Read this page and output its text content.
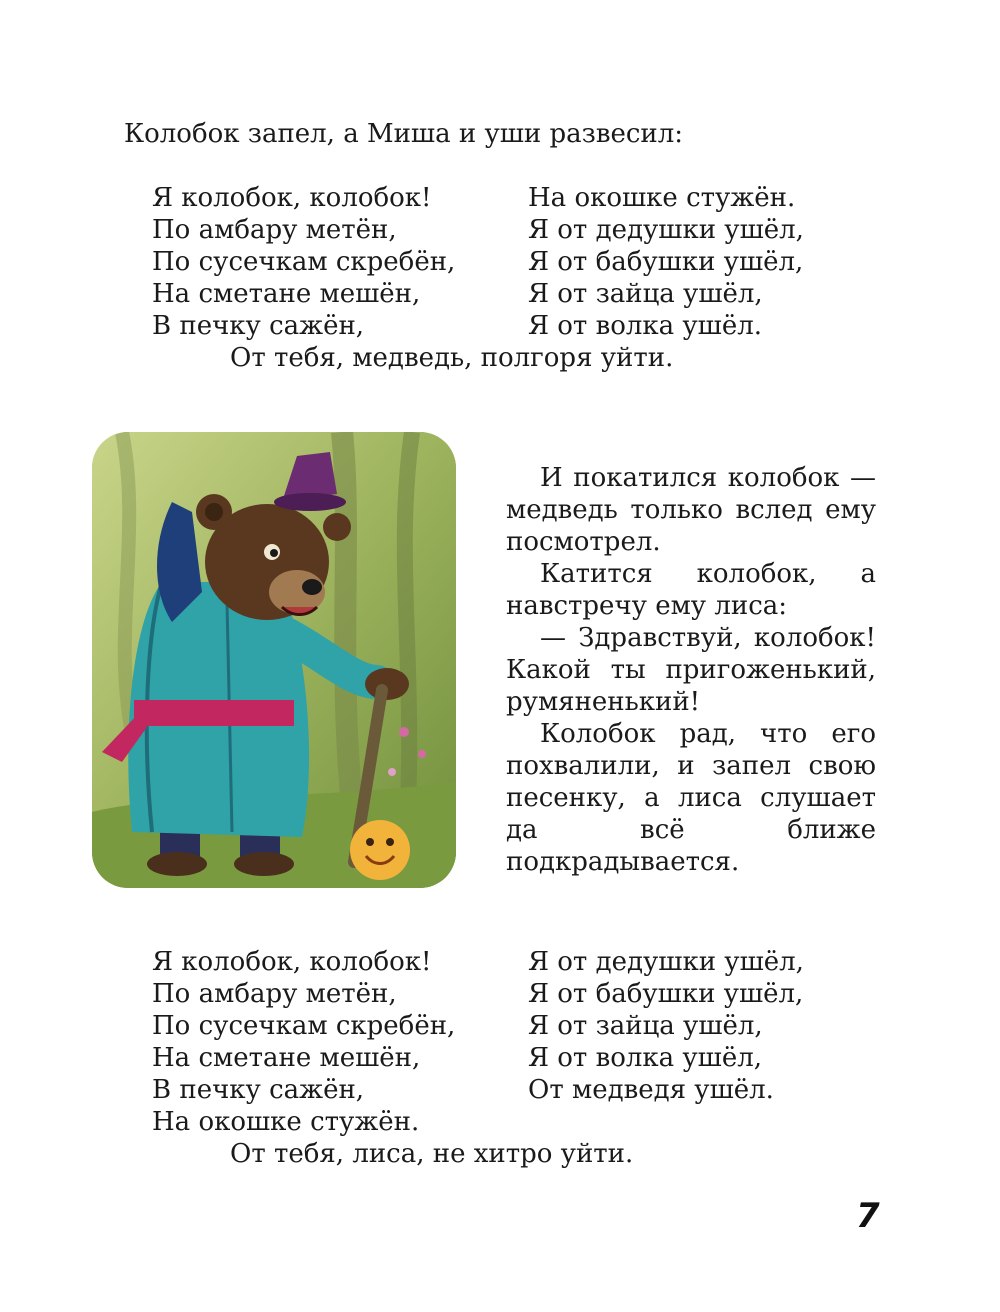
Колобок запел, а Миша и уши развесил:
Я колобок, колобок!
По амбару метён,
По сусечкам скребён,
На сметане мешён,
В печку сажён,
На окошке стужён.
Я от дедушки ушёл,
Я от бабушки ушёл,
Я от зайца ушёл,
Я от волка ушёл.
От тебя, медведь, полгоря уйти.

И покатился колобок — медведь только вслед ему посмотрел.

Катится колобок, а навстречу ему лиса:

— Здравствуй, колобок! Какой ты пригоженький, румяненький!

Колобок рад, что его похвалили, и запел свою песенку, а лиса слушает да всё ближе подкрадывается.

Я колобок, колобок!
По амбару метён,
По сусечкам скребён,
На сметане мешён,
В печку сажён,
На окошке стужён.
Я от дедушки ушёл,
Я от бабушки ушёл,
Я от зайца ушёл,
Я от волка ушёл,
От медведя ушёл.
От тебя, лиса, не хитро уйти.
7
